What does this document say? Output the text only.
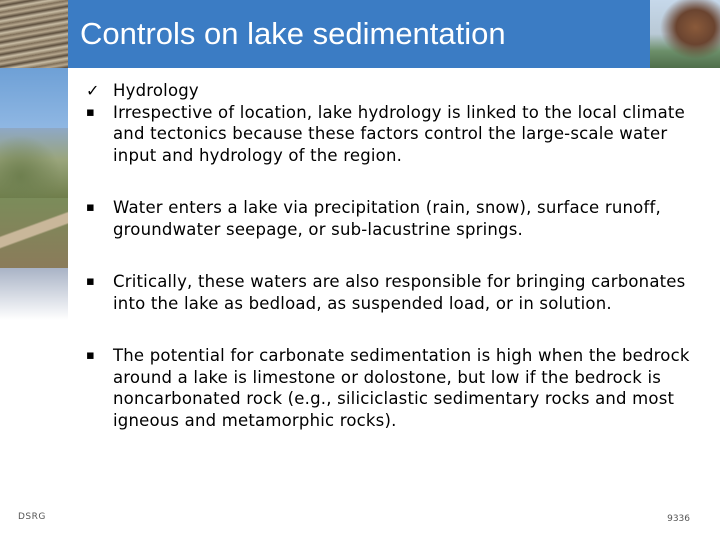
Controls on lake sedimentation
✓ Hydrology
▪	Irrespective of location, lake hydrology is linked to the local climate and tectonics because these factors control the large-scale water input and hydrology of the region.
▪	Water enters a lake via precipitation (rain, snow), surface runoff, groundwater seepage, or sub-lacustrine springs.
▪	Critically, these waters are also responsible for bringing carbonates into the lake as bedload, as suspended load, or in solution.
▪	The potential for carbonate sedimentation is high when the bedrock around a lake is limestone or dolostone, but low if the bedrock is noncarbonated rock (e.g., siliciclastic sedimentary rocks and most igneous and metamorphic rocks).
DSRG	9336
